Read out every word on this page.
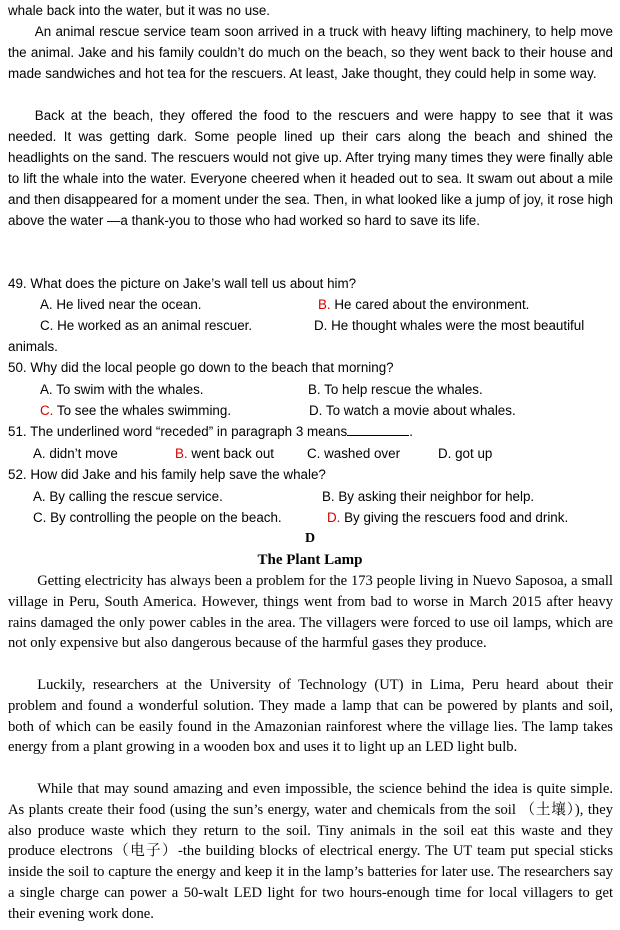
whale back into the water, but it was no use.

An animal rescue service team soon arrived in a truck with heavy lifting machinery, to help move the animal. Jake and his family couldn’t do much on the beach, so they went back to their house and made sandwiches and hot tea for the rescuers. At least, Jake thought, they could help in some way.

Back at the beach, they offered the food to the rescuers and were happy to see that it was needed. It was getting dark. Some people lined up their cars along the beach and shined the headlights on the sand. The rescuers would not give up. After trying many times they were finally able to lift the whale into the water. Everyone cheered when it headed out to sea. It swam out about a mile and then disappeared for a moment under the sea. Then, in what looked like a jump of joy, it rose high above the water —a thank-you to those who had worked so hard to save its life.

49. What does the picture on Jake’s wall tell us about him?

A. He lived near the ocean.	B. He cared about the environment.

C. He worked as an animal rescuer.	D. He thought whales were the most beautiful

animals.

50. Why did the local people go down to the beach that morning?

A. To swim with the whales.	B. To help rescue the whales.

C. To see the whales swimming.	D. To watch a movie about whales.

51. The underlined word “receded” in paragraph 3 means	.

A. didn’t move	B. went back out C. washed over	D. got up

52. How did Jake and his family help save the whale?

A. By calling the rescue service.	B. By asking their neighbor for help.

C. By controlling the people on the beach.	D. By giving the rescuers food and drink.

D

The Plant Lamp

Getting electricity has always been a problem for the 173 people living in Nuevo Saposoa, a small village in Peru, South America. However, things went from bad to worse in March 2015 after heavy rains damaged the only power cables in the area. The villagers were forced to use oil lamps, which are not only expensive but also dangerous because of the harmful gases they produce.

Luckily, researchers at the University of Technology (UT) in Lima, Peru heard about their problem and found a wonderful solution. They made a lamp that can be powered by plants and soil, both of which can be easily found in the Amazonian rainforest where the village lies. The lamp takes energy from a plant growing in a wooden box and uses it to light up an LED light bulb.

While that may sound amazing and even impossible, the science behind the idea is quite simple. As plants create their food (using the sun’s energy, water and chemicals from the soil （土壤）), they also produce waste which they return to the soil. Tiny animals in the soil eat this waste and they produce electrons（电子）-the building blocks of electrical energy. The UT team put special sticks inside the soil to capture the energy and keep it in the lamp’s batteries for later use. The researchers say a single charge can power a 50-walt LED light for two hours-enough time for local villagers to get their evening work done.
